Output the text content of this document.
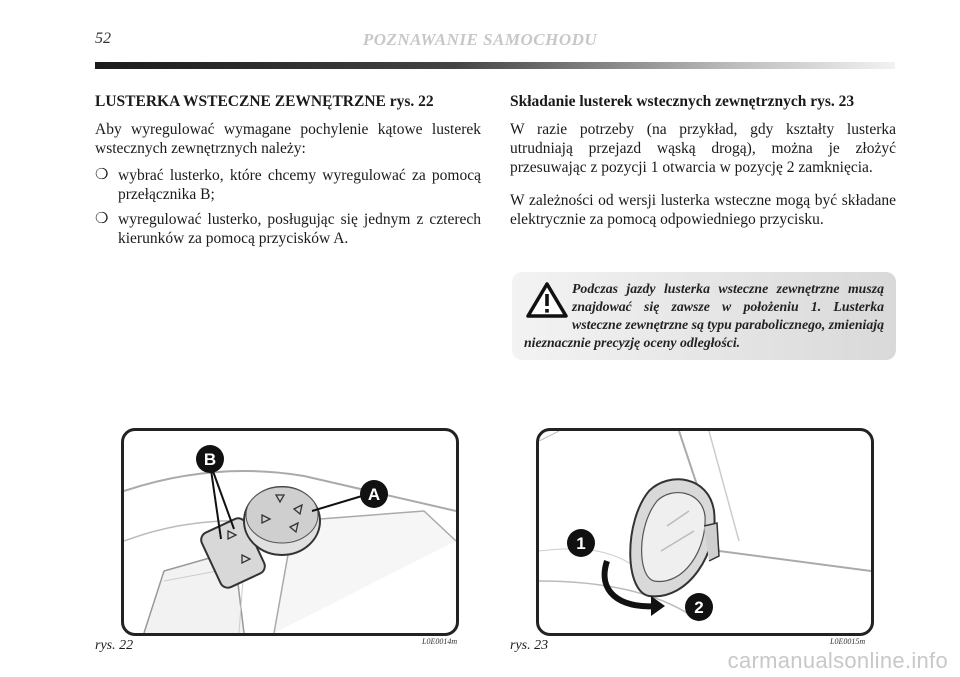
52	POZNAWANIE SAMOCHODU
LUSTERKA WSTECZNE ZEWNĘTRZNE rys. 22
Aby wyregulować wymagane pochylenie kątowe lusterek wstecznych zewnętrznych należy:
❍ wybrać lusterko, które chcemy wyregulować za pomocą przełącznika B;
❍ wyregulować lusterko, posługując się jednym z czterech kierunków za pomocą przycisków A.
Składanie lusterek wstecznych zewnętrznych rys. 23
W razie potrzeby (na przykład, gdy kształty lusterka utrudniają przejazd wąską drogą), można je złożyć przesuwając z pozycji 1 otwarcia w pozycję 2 zamknięcia.
W zależności od wersji lusterka wsteczne mogą być składane elektrycznie za pomocą odpowiedniego przycisku.
Podczas jazdy lusterka wsteczne zewnętrzne muszą znajdować się zawsze w położeniu 1. Lusterka wsteczne zewnętrzne są typu parabolicznego, zmieniają nieznacznie precyzję oceny odległości.
B
A
1
2
rys. 22	L0E0014m	rys. 23	L0E0015m
carmanualsonline.info
